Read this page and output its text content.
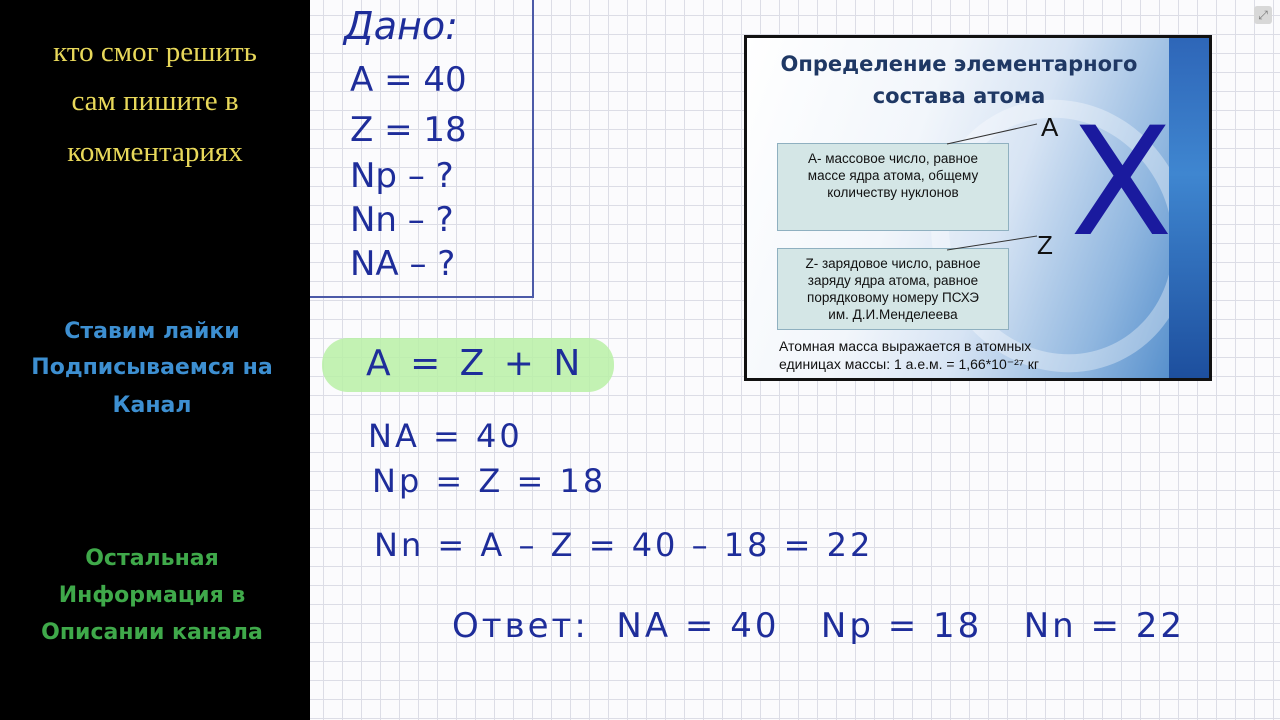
кто смог решить
сам пишите в
комментариях
Ставим лайки
Подписываемся на
Канал
Остальная
Информация в
Описании канала
⤢
Дано:
A = 40
Z = 18
Np – ?
Nn – ?
NA – ?
A = Z + N
NA = 40
Np = Z = 18
Nn = A – Z = 40 – 18 = 22
Ответ:  NA = 40   Np = 18   Nn = 22
Определение элементарного
состава атома
А- массовое число, равное
массе ядра атома, общему
количеству нуклонов
Z- зарядовое число, равное
заряду ядра атома, равное
порядковому номеру ПСХЭ
им. Д.И.Менделеева
A
Z X
Атомная масса выражается в атомных
единицах массы: 1 а.е.м. = 1,66*10⁻²⁷ кг
